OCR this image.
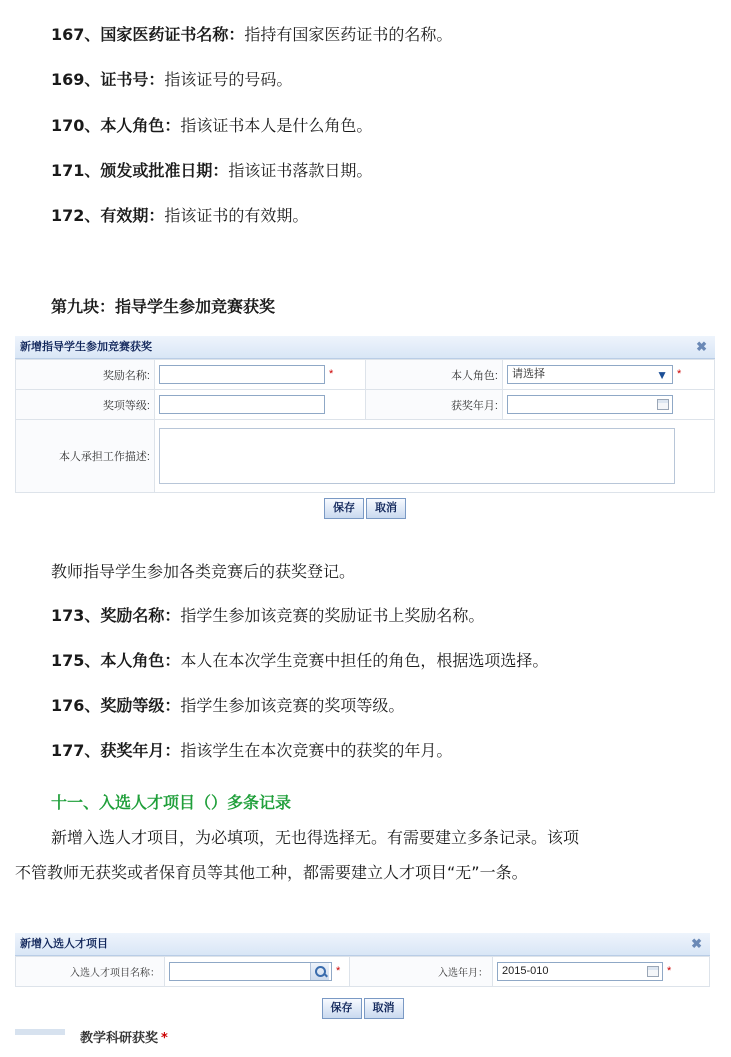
167、国家医药证书名称：指持有国家医药证书的名称。
169、证书号：指该证号的号码。
170、本人角色：指该证书本人是什么角色。
171、颁发或批准日期：指该证书落款日期。
172、有效期：指该证书的有效期。
第九块：指导学生参加竞赛获奖
新增指导学生参加竞赛获奖	✖
奖励名称:	*	本人角色:	请选择 ▼ *
奖项等级:		获奖年月:	

本人承担工作描述:			
保存 取消
教师指导学生参加各类竞赛后的获奖登记。
173、奖励名称：指学生参加该竞赛的奖励证书上奖励名称。
175、本人角色：本人在本次学生竞赛中担任的角色，根据选项选择。
176、奖励等级：指学生参加该竞赛的奖项等级。
177、获奖年月：指该学生在本次竞赛中的获奖的年月。
十一、入选人才项目（）多条记录
新增入选人才项目，为必填项，无也得选择无。有需要建立多条记录。该项
不管教师无获奖或者保育员等其他工种，都需要建立人才项目“无”一条。
新增入选人才项目	✖
入选人才项目名称：	*	入选年月：	2015-010	*
保存 取消
教学科研获奖 *
